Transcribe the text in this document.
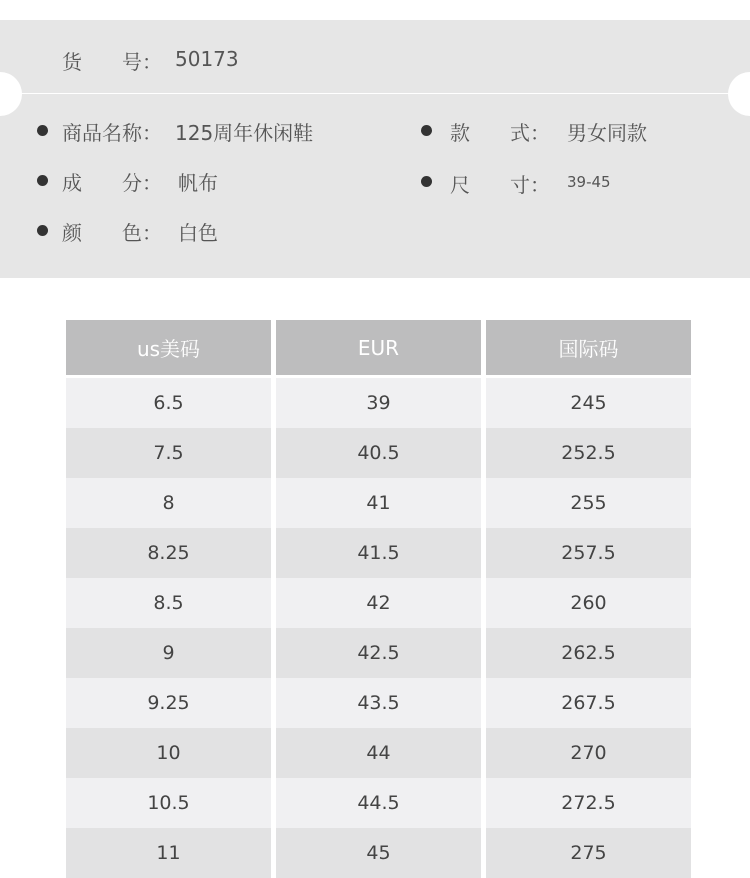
货　　号： 50173
商品名称： 125周年休闲鞋
成　　分： 帆布
颜　　色： 白色
款　　式： 男女同款
尺　　寸： 39-45
us美码	EUR	国际码
6.5	39	245
7.5	40.5	252.5
8	41	255
8.25	41.5	257.5
8.5	42	260
9	42.5	262.5
9.25	43.5	267.5
10	44	270
10.5	44.5	272.5
11	45	275
